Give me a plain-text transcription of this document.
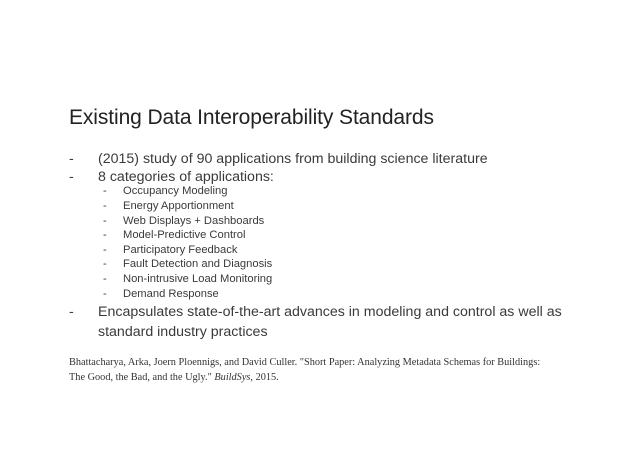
Existing Data Interoperability Standards
- (2015) study of 90 applications from building science literature
- 8 categories of applications:
- Occupancy Modeling
- Energy Apportionment
- Web Displays + Dashboards
- Model-Predictive Control
- Participatory Feedback
- Fault Detection and Diagnosis
- Non-intrusive Load Monitoring
- Demand Response
- Encapsulates state-of-the-art advances in modeling and control as well as
standard industry practices
Bhattacharya, Arka, Joern Ploennigs, and David Culler. "Short Paper: Analyzing Metadata Schemas for Buildings: The Good, the Bad, and the Ugly." BuildSys, 2015.
